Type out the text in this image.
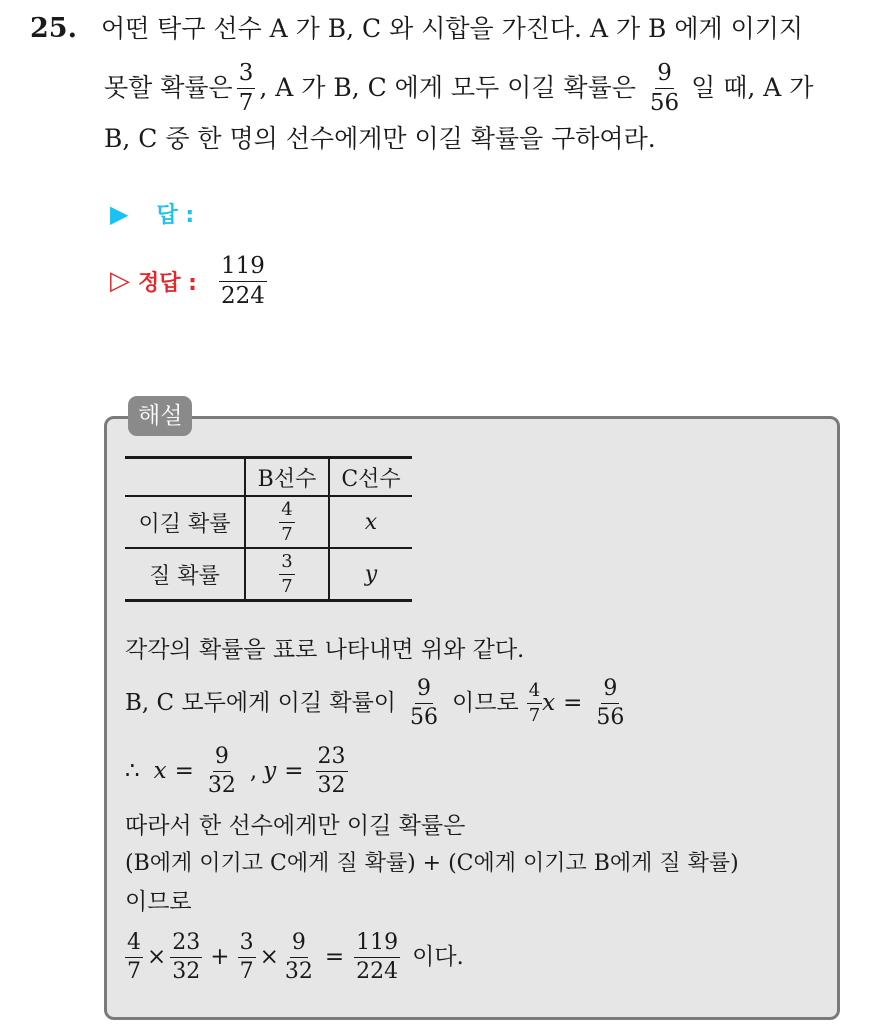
25. 어떤 탁구 선수 A 가 B, C 와 시합을 가진다. A 가 B 에게 이기지
못할 확률은 $\frac{3}{7}$ , A 가 B, C 에게 모두 이길 확률은 $\frac{9}{56}$ 일 때, A 가
B, C 중 한 명의 선수에게만 이길 확률을 구하여라.
▶ 답 :
▷ 정답 : $\frac{119}{224}$
해설
	B선수	C선수
이길 확률	$\frac{4}{7}$	x
질 확률	$\frac{3}{7}$	y
각각의 확률을 표로 나타내면 위와 같다.
B, C 모두에게 이길 확률이 $\frac{9}{56}$ 이므로 $\frac{4}{7}$ $x = \frac{9}{56}$
∴ $x = \frac{9}{32}$ , $y = \frac{23}{32}$
따라서 한 선수에게만 이길 확률은
(B에게 이기고 C에게 질 확률) + (C에게 이기고 B에게 질 확률)
이므로
$\frac{4}{7} \times \frac{23}{32} + \frac{3}{7} \times \frac{9}{32} = \frac{119}{224}$ 이다.
